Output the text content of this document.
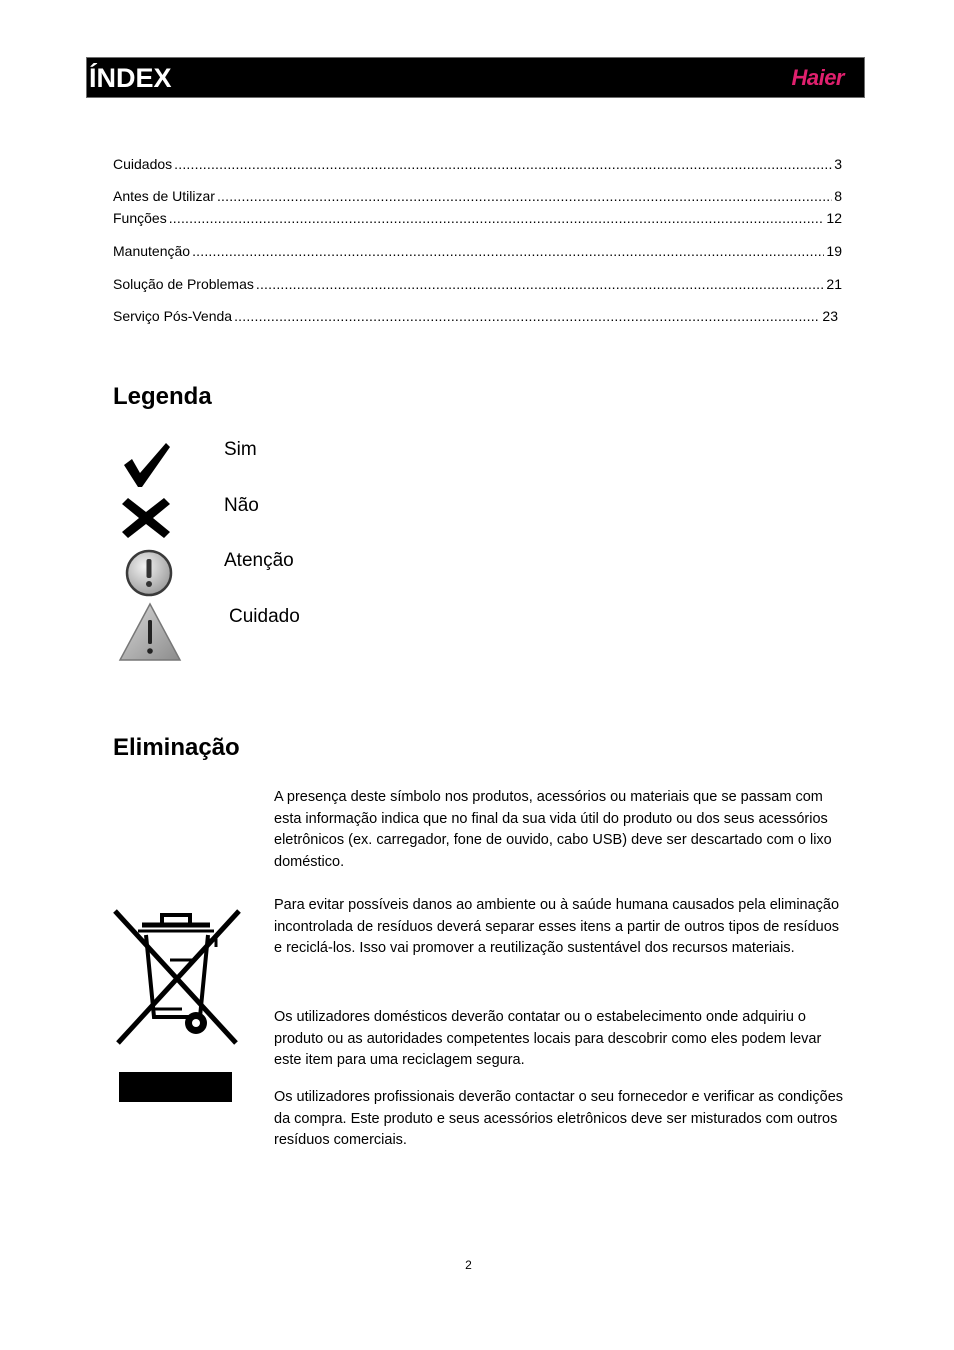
ÍNDEX	Haier
Cuidados .....	3
Antes de Utilizar .....	8
Funções .....	12
Manutenção .....	19
Solução de Problemas .....	21
Serviço Pós-Venda .....	23
Legenda
Sim
Não
Atenção
Cuidado
Eliminação
A presença deste símbolo nos produtos, acessórios ou materiais que se passam com esta informação indica que no final da sua vida útil do produto ou dos seus acessórios eletrônicos (ex. carregador, fone de ouvido, cabo USB) deve ser descartado com o lixo doméstico.
Para evitar possíveis danos ao ambiente ou à saúde humana causados pela eliminação incontrolada de resíduos deverá separar esses itens a partir de outros tipos de resíduos e reciclá-los. Isso vai promover a reutilização sustentável dos recursos materiais.
Os utilizadores domésticos deverão contatar ou o estabelecimento onde adquiriu o produto ou as autoridades competentes locais para descobrir como eles podem levar este item para uma reciclagem segura.
Os utilizadores profissionais deverão contactar o seu fornecedor e verificar as condições da compra. Este produto e seus acessórios eletrônicos deve ser misturados com outros resíduos comerciais.
2
